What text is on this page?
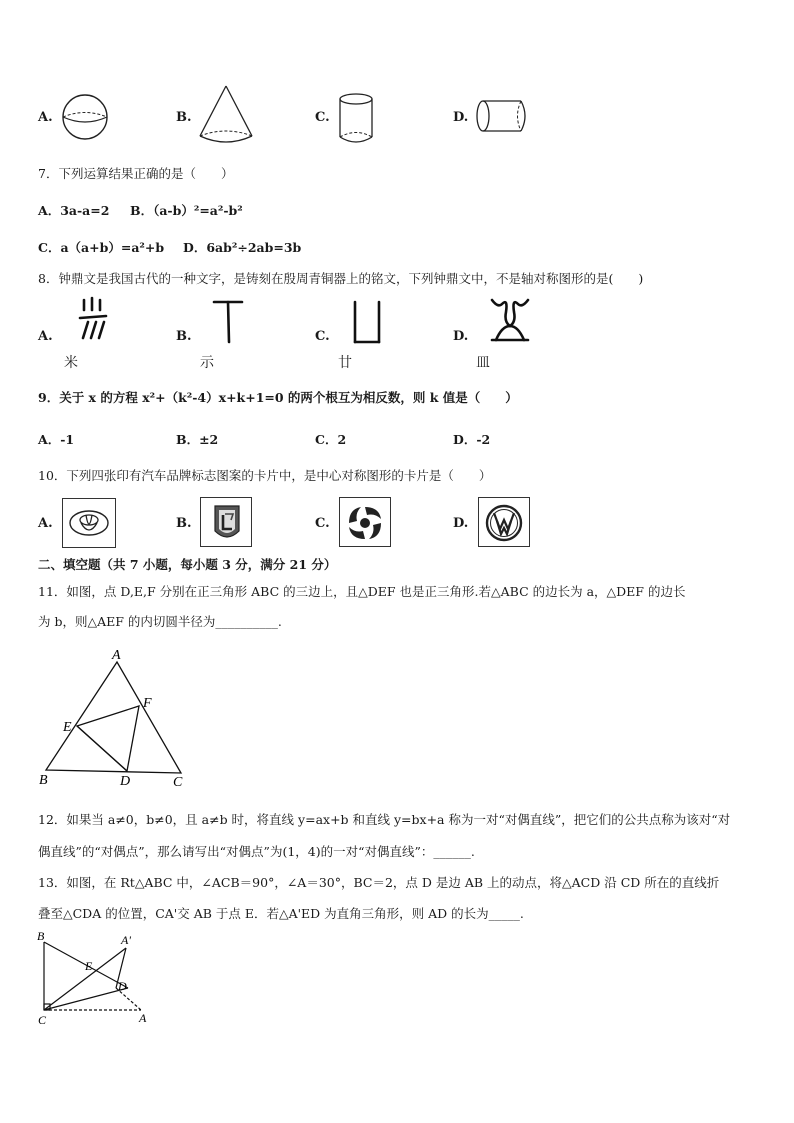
A.	B.	C.	D.
7．下列运算结果正确的是（　　）
A．3a-a=2 B．（a-b）²=a²-b²
C．a（a+b）=a²+b D．6ab²÷2ab=3b
8．钟鼎文是我国古代的一种文字，是铸刻在殷周青铜器上的铭文，下列钟鼎文中，不是轴对称图形的是(　　)
A.
米
B.
示
C.
廿
D.
皿
9．关于 x 的方程 x²+（k²-4）x+k+1=0 的两个根互为相反数，则 k 值是（　　）
A．-1	B．±2	C．2	D．-2
10．下列四张印有汽车品牌标志图案的卡片中，是中心对称图形的卡片是（　　）
A.	B.	C.	D.
二、填空题（共 7 小题，每小题 3 分，满分 21 分）
11．如图，点 D,E,F 分别在正三角形 ABC 的三边上，且△DEF 也是正三角形.若△ABC 的边长为 a，△DEF 的边长
为 b，则△AEF 的内切圆半径为__________.
A
F
E
B	D	C
12．如果当 a≠0，b≠0，且 a≠b 时，将直线 y=ax+b 和直线 y=bx+a 称为一对“对偶直线”，把它们的公共点称为该对“对
偶直线”的“对偶点”，那么请写出“对偶点”为(1，4)的一对“对偶直线”：______.
13．如图，在 Rt△ABC 中，∠ACB＝90°，∠A＝30°，BC＝2，点 D 是边 AB 上的动点，将△ACD 沿 CD 所在的直线折
叠至△CDA 的位置，CA'交 AB 于点 E．若△A'ED 为直角三角形，则 AD 的长为_____.
B	A'
E
D
C	A
